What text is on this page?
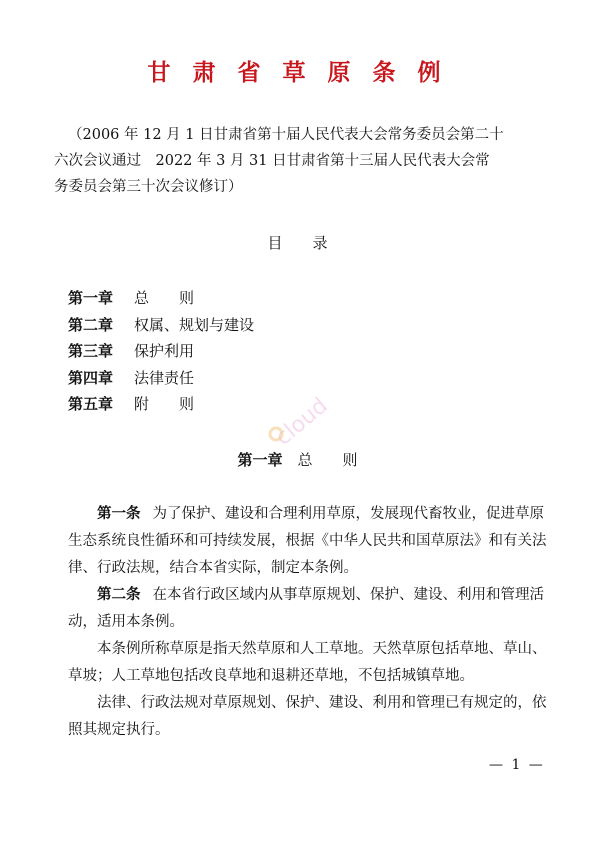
甘 肃 省 草 原 条 例
（2006 年 12 月 1 日甘肃省第十届人民代表大会常务委员会第二十
六次会议通过　2022 年 3 月 31 日甘肃省第十三届人民代表大会常
务委员会第三十次会议修订）
目 录
第一章 总　　则
第二章 权属、规划与建设
第三章 保护利用
第四章 法律责任
第五章 附　　则	cloud
第一章　 总　　则

第一条 为了保护、建设和合理利用草原，发展现代畜牧业，促进草原
生态系统良性循环和可持续发展，根据《中华人民共和国草原法》和有关法
律、行政法规，结合本省实际，制定本条例。

第二条 在本省行政区域内从事草原规划、保护、建设、利用和管理活
动，适用本条例。

本条例所称草原是指天然草原和人工草地。天然草原包括草地、草山、
草坡；人工草地包括改良草地和退耕还草地，不包括城镇草地。

法律、行政法规对草原规划、保护、建设、利用和管理已有规定的，依
照其规定执行。

— 1 —
